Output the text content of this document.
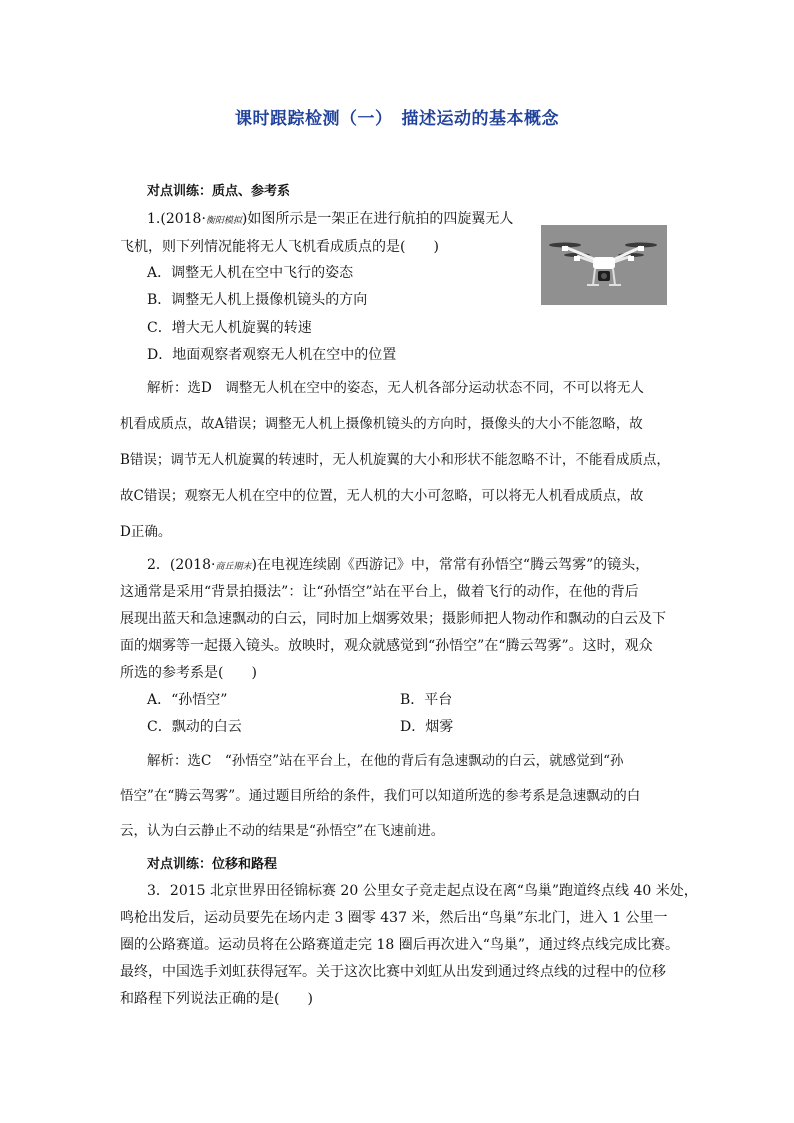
课时跟踪检测（一）　描述运动的基本概念
对点训练：质点、参考系
1.(2018·衡阳模拟)如图所示是一架正在进行航拍的四旋翼无人
飞机，则下列情况能将无人飞机看成质点的是(　　)
A．调整无人机在空中飞行的姿态
B．调整无人机上摄像机镜头的方向
C．增大无人机旋翼的转速
D．地面观察者观察无人机在空中的位置
解析：选D　调整无人机在空中的姿态，无人机各部分运动状态不同，不可以将无人
机看成质点，故A错误；调整无人机上摄像机镜头的方向时，摄像头的大小不能忽略，故
B错误；调节无人机旋翼的转速时，无人机旋翼的大小和形状不能忽略不计，不能看成质点，
故C错误；观察无人机在空中的位置，无人机的大小可忽略，可以将无人机看成质点，故
D正确。
2．(2018·商丘期末)在电视连续剧《西游记》中，常常有孙悟空“腾云驾雾”的镜头，
这通常是采用“背景拍摄法”：让“孙悟空”站在平台上，做着飞行的动作，在他的背后
展现出蓝天和急速飘动的白云，同时加上烟雾效果；摄影师把人物动作和飘动的白云及下
面的烟雾等一起摄入镜头。放映时，观众就感觉到“孙悟空”在“腾云驾雾”。这时，观众
所选的参考系是(　　)
A．“孙悟空”	B．平台
C．飘动的白云	D．烟雾
解析：选C　“孙悟空”站在平台上，在他的背后有急速飘动的白云，就感觉到“孙
悟空”在“腾云驾雾”。通过题目所给的条件，我们可以知道所选的参考系是急速飘动的白
云，认为白云静止不动的结果是“孙悟空”在飞速前进。
对点训练：位移和路程
3．2015 北京世界田径锦标赛 20 公里女子竞走起点设在离“鸟巢”跑道终点线 40 米处，
鸣枪出发后，运动员要先在场内走 3 圈零 437 米，然后出“鸟巢”东北门，进入 1 公里一
圈的公路赛道。运动员将在公路赛道走完 18 圈后再次进入“鸟巢”，通过终点线完成比赛。
最终，中国选手刘虹获得冠军。关于这次比赛中刘虹从出发到通过终点线的过程中的位移
和路程下列说法正确的是(　　)
